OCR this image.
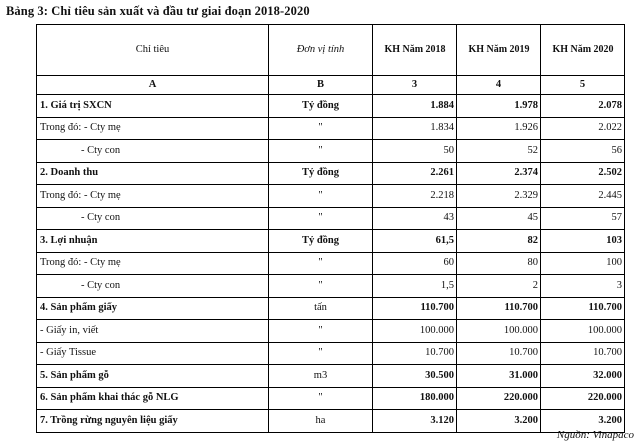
Bảng 3: Chỉ tiêu sản xuất và đầu tư giai đoạn 2018-2020
Chỉ tiêu	Đơn vị tính	KH Năm 2018	KH Năm 2019	KH Năm 2020
A	B	3	4	5
1. Giá trị SXCN	Tỷ đồng	1.884	1.978	2.078
Trong đó: - Cty mẹ	"	1.834	1.926	2.022
- Cty con	"	50	52	56
2. Doanh thu	Tỷ đồng	2.261	2.374	2.502
Trong đó: - Cty mẹ	"	2.218	2.329	2.445
- Cty con	"	43	45	57
3. Lợi nhuận	Tỷ đồng	61,5	82	103
Trong đó: - Cty mẹ	"	60	80	100
- Cty con	"	1,5	2	3
4. Sản phẩm giấy	tấn	110.700	110.700	110.700
- Giấy in, viết	"	100.000	100.000	100.000
- Giấy Tissue	"	10.700	10.700	10.700
5. Sản phẩm gỗ	m3	30.500	31.000	32.000
6. Sản phẩm khai thác gỗ NLG	"	180.000	220.000	220.000
7. Trồng rừng nguyên liệu giấy	ha	3.120	3.200	3.200
Nguồn: Vinapaco
